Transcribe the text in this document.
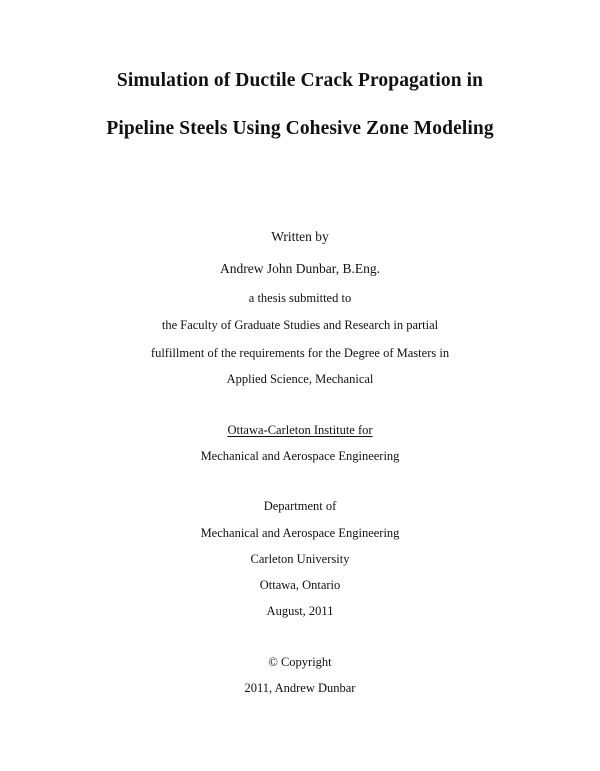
Simulation of Ductile Crack Propagation in
Pipeline Steels Using Cohesive Zone Modeling
Written by
Andrew John Dunbar, B.Eng.
a thesis submitted to
the Faculty of Graduate Studies and Research in partial
fulfillment of the requirements for the Degree of Masters in
Applied Science, Mechanical
Ottawa-Carleton Institute for
Mechanical and Aerospace Engineering
Department of
Mechanical and Aerospace Engineering
Carleton University
Ottawa, Ontario
August, 2011
© Copyright
2011, Andrew Dunbar
